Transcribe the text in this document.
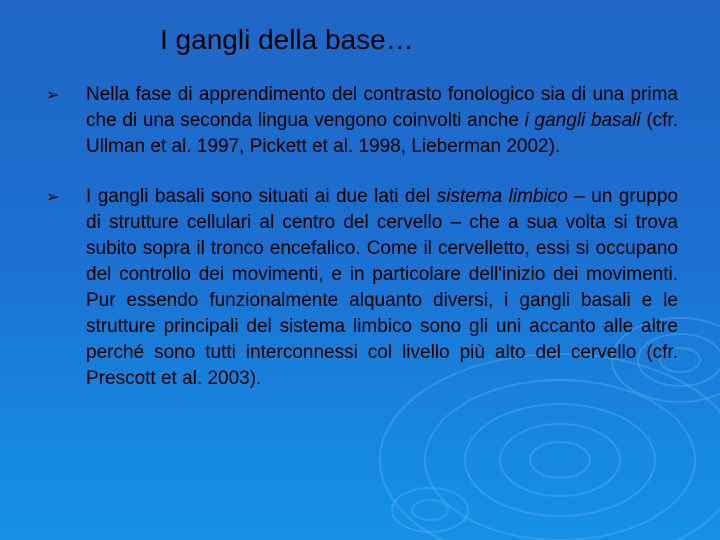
I gangli della base…
➢	Nella fase di apprendimento del contrasto fonologico sia di una prima che di una seconda lingua vengono coinvolti anche i gangli basali (cfr. Ullman et al. 1997, Pickett et al. 1998, Lieberman 2002).
➢	I gangli basali sono situati ai due lati del sistema limbico – un gruppo di strutture cellulari al centro del cervello – che a sua volta si trova subito sopra il tronco encefalico. Come il cervelletto, essi si occupano del controllo dei movimenti, e in particolare dell'inizio dei movimenti. Pur essendo funzionalmente alquanto diversi, i gangli basali e le strutture principali del sistema limbico sono gli uni accanto alle altre perché sono tutti interconnessi col livello più alto del cervello (cfr. Prescott et al. 2003).
